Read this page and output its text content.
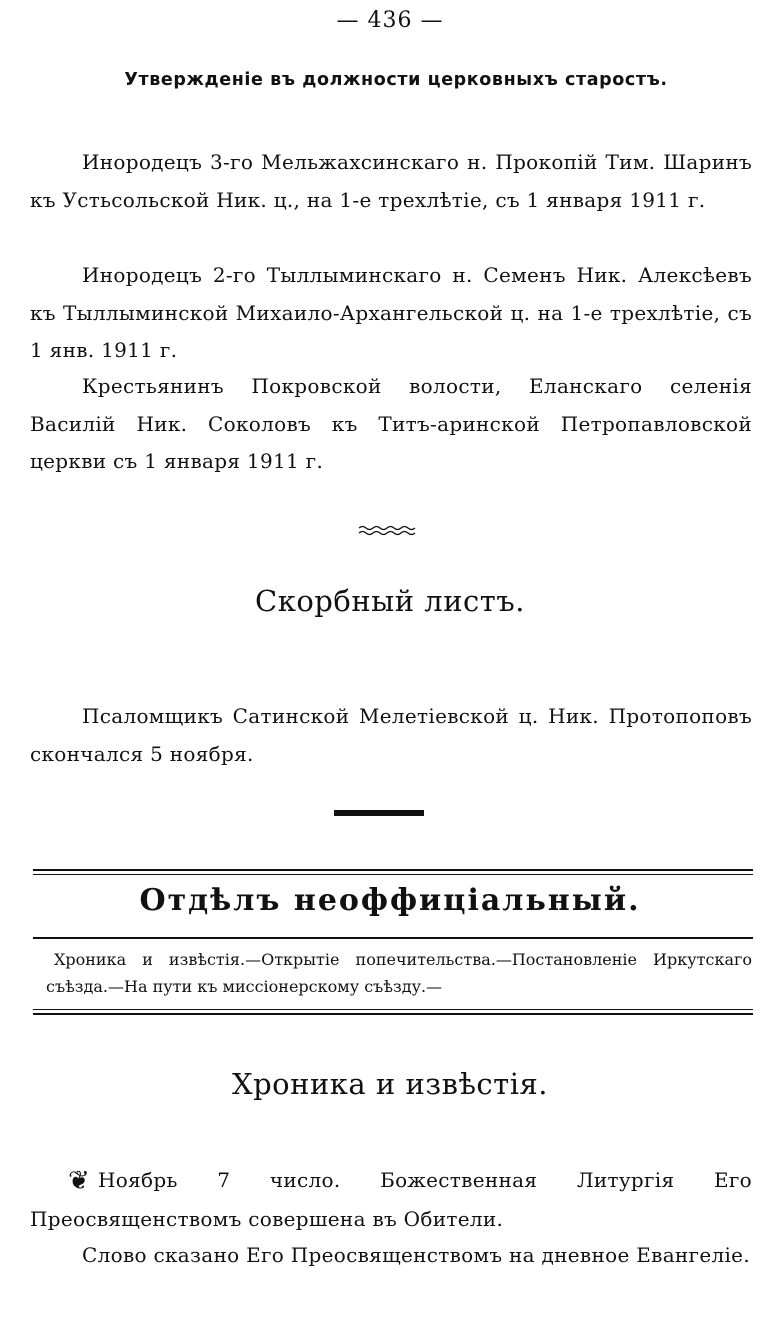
— 436 —
Утвержденіе въ должности церковныхъ старостъ.
Инородецъ 3-го Мельжахсинскаго н. Прокопій Тим. Шаринъ къ Устьсольской Ник. ц., на 1-е трехлѣтіе, съ 1 января 1911 г.
Инородецъ 2-го Тыллыминскаго н. Семенъ Ник. Алексѣевъ къ Тыллыминской Михаило-Архангельской ц. на 1-е трехлѣтіе, съ 1 янв. 1911 г.
Крестьянинъ Покровской волости, Еланскаго селенія Василій Ник. Соколовъ къ Титъ-аринской Петропавловской церкви съ 1 января 1911 г.
Скорбный листъ.
Псаломщикъ Сатинской Мелетіевской ц. Ник. Протопоповъ скончался 5 ноября.
Отдѣлъ неоффиціальный.
Хроника и извѣстія.—Открытіе попечительства.—Постановленіе Иркутскаго съѣзда.—На пути къ миссіонерскому съѣзду.—
Хроника и извѣстія.
❦ Ноябрь 7 число. Божественная Литургія Его Преосвященствомъ совершена въ Обители.
Слово сказано Его Преосвященствомъ на дневное Евангеліе.
